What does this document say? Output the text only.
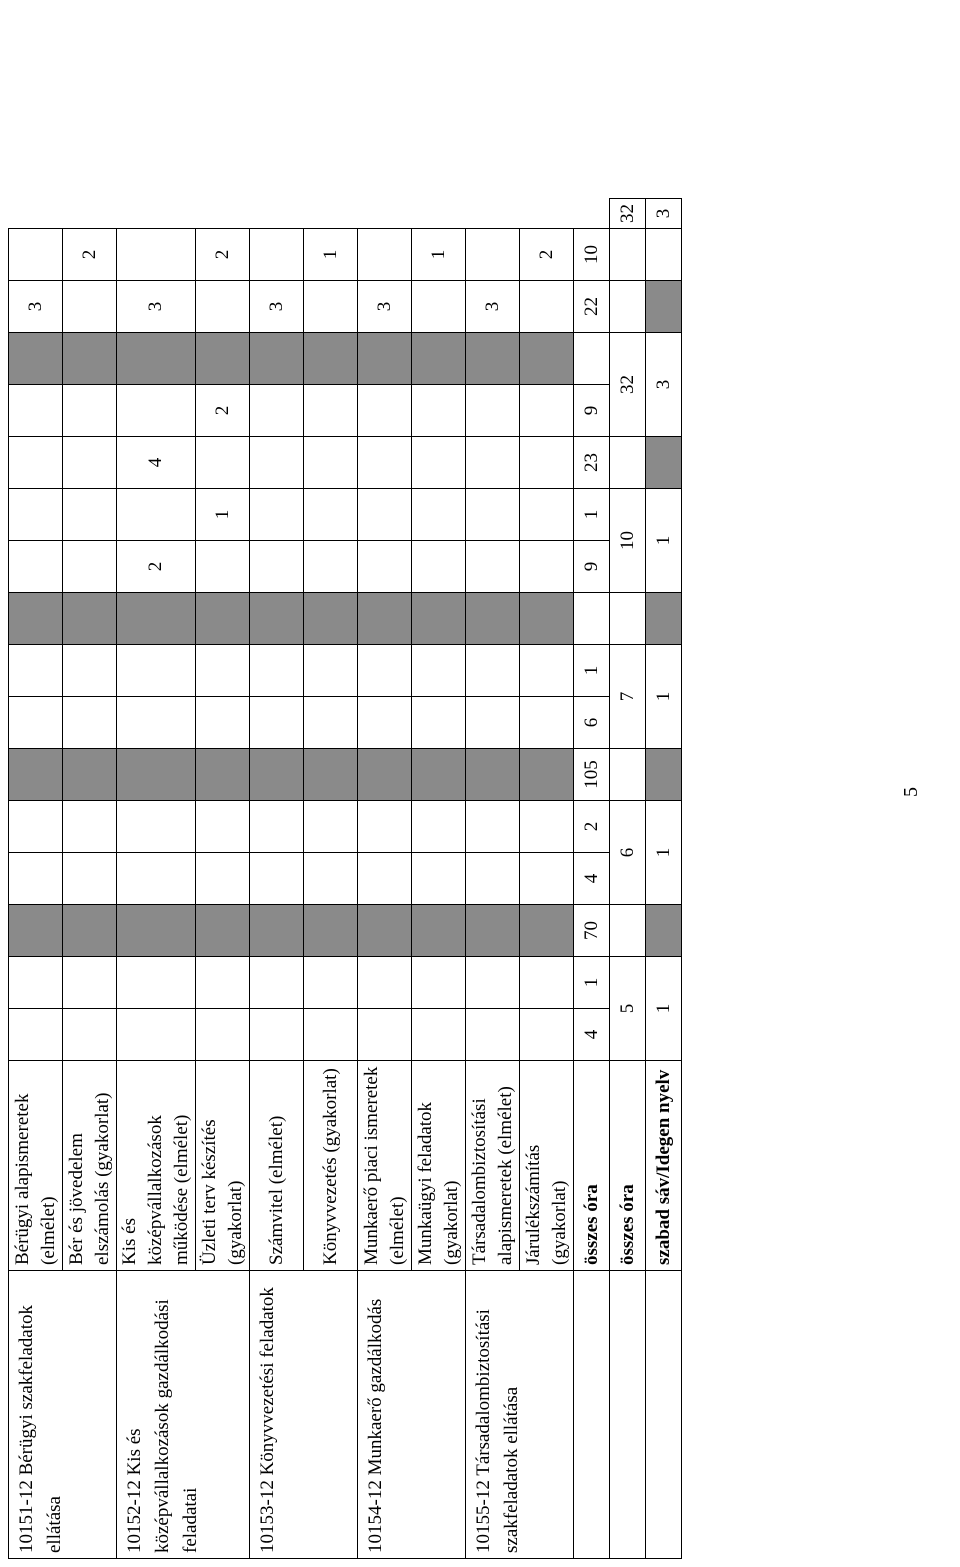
10151-12 Bérügyi szakfeladatok ellátása	Bérügyi alapismeretek (elmélet)															3		
	Bér és jövedelem elszámolás (gyakorlat)																2	
10152-12 Kis és középvállalkozások gazdálkodási feladatai	Kis és középvállalkozások működése (elmélet)										2		4			3		
	Üzleti terv készítés (gyakorlat)											1		2			2	
10153-12 Könyvvezetési feladatok	Számvitel (elmélet)															3		
	Könyvvezetés (gyakorlat)																1	
10154-12 Munkaerő gazdálkodás	Munkaerő piaci ismeretek (elmélet)															3		
	Munkaügyi feladatok (gyakorlat)																1	
10155-12 Társadalombiztosítási szakfeladatok ellátása	Társadalombiztosítási alapismeretek (elmélet)															3		
	Járulékszámítás (gyakorlat)																2	
	összes óra	4	1	70	4	2	105	6	1		9	1	23	9		22	10	
	összes óra	5			6			7			10			32				32
	szabad sáv/Idegen nyelv	1			1			1			1			3				3
5
